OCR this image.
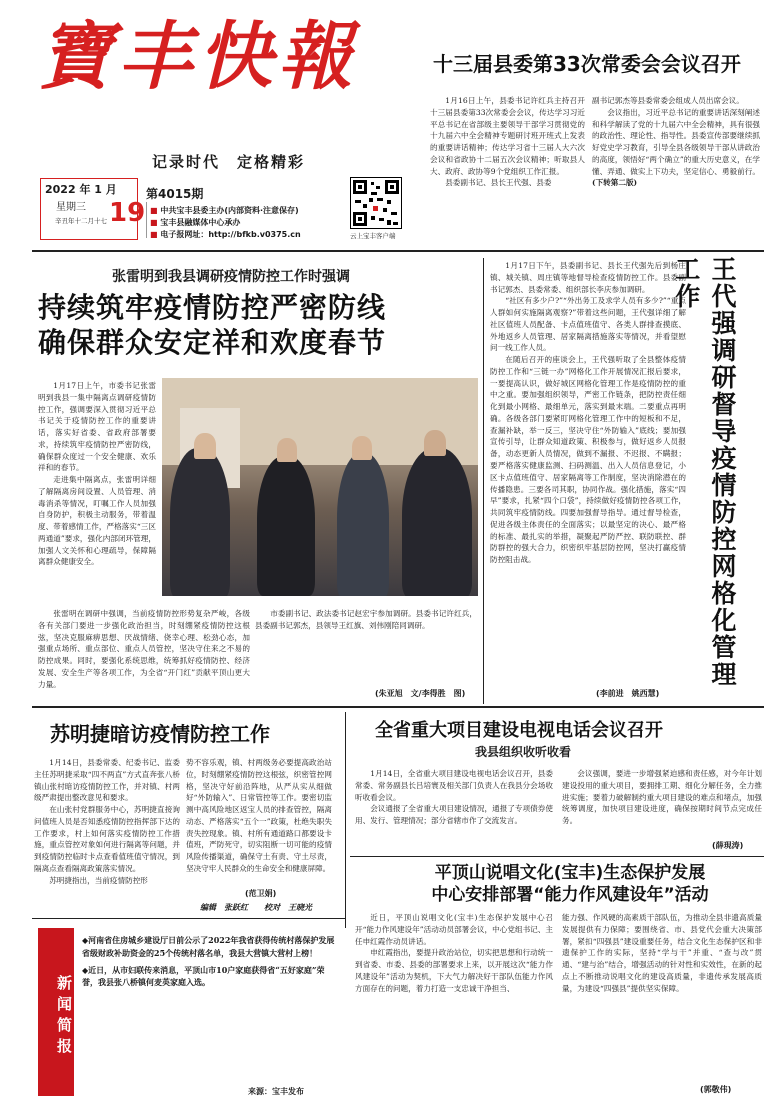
寶丰快報
记录时代　定格精彩
2022 年 1 月
星期三
辛丑年十二月十七 19
第4015期
■ 中共宝丰县委主办(内部资料·注意保存)
■ 宝丰县融媒体中心承办
■ 电子报网址：http://bfkb.v0375.cn	云上宝丰客户端
十三届县委第33次常委会会议召开

1月16日上午，县委书记许红兵主持召开十三届县委第33次常委会会议，传达学习习近平总书记在省部级主要领导干部学习贯彻党的十九届六中全会精神专题研讨班开班式上发表的重要讲话精神；传达学习省十三届人大六次会议和省政协十二届五次会议精神；听取县人大、政府、政协等9个党组织工作汇报。

县委副书记、县长王代强、县委

副书记郭杰等县委常委会组成人员出席会议。

会议指出，习近平总书记的重要讲话深刻阐述和科学解读了党的十九届六中全会精神，具有很强的政治性、理论性、指导性。县委宣传部要继续抓好党史学习教育，引导全县各级领导干部从讲政治的高度，领悟好“两个确立”的重大历史意义，在学懂、弄通、做实上下功夫，坚定信心、勇毅前行。(下转第二版)

张雷明到我县调研疫情防控工作时强调
持续筑牢疫情防控严密防线
确保群众安定祥和欢度春节

1月17日上午，市委书记张雷明到我县一集中隔离点调研疫情防控工作，强调要深入贯彻习近平总书记关于疫情防控工作的重要讲话，落实好省委、省政府部署要求，持续筑牢疫情防控严密防线，确保群众度过一个安全健康、欢乐祥和的春节。

走进集中隔离点，张雷明详细了解隔离房间设置、人员管理、消毒消杀等情况，叮嘱工作人员加强自身防护，积极主动服务，带着温度、带着感情工作，严格落实“三区两通道”要求，强化内部闭环管理，加强人文关怀和心理疏导，保障隔离群众健康安全。

张雷明在调研中强调，当前疫情防控形势复杂严峻，各级各有关部门要进一步强化政治担当，时刻绷紧疫情防控这根弦，坚决克服麻痹思想、厌战情绪、侥幸心理、松劲心态，加强重点场所、重点部位、重点人员管控，坚决守住来之不易的防控成果。同时，要强化系统思维，统筹抓好疫情防控、经济发展、安全生产等各项工作，为全省“开门红”贡献平顶山更大力量。

市委副书记、政法委书记赵宏宇参加调研。县委书记许红兵，县委副书记郭杰，县领导王红旗、刘伟刚陪同调研。

(朱亚旭　文/李得胜　图)

1月17日下午，县委副书记、县长王代强先后到杨庄镇、城关镇、周庄镇等地督导检查疫情防控工作。县委副书记郭杰、县委常委、组织部长李庆参加调研。

“社区有多少户?”“外出务工及求学人员有多少?”“重点人群如何实施隔离观察?”带着这些问题，王代强详细了解社区值班人员配备、卡点值班值守、各类人群排查摸底、外地返乡人员管理、居家隔离措施落实等情况，并看望慰问一线工作人员。

在随后召开的座谈会上，王代强听取了全县整体疫情防控工作和“三链一办”网格化工作开展情况汇报后要求，一要提高认识，做好城区网格化管理工作是疫情防控的重中之重。要加强组织领导，严密工作链条，把防控责任细化到最小网格、最细单元，落实到最末端。二要重点再明确。各级各部门要紧盯网格化管理工作中的短板和不足，查漏补缺，举一反三，坚决守住“外防输入”底线；要加强宣传引导，让群众知道政策、积极参与，做好返乡人员报备，动态更新人员情况，做到不漏报、不迟报、不瞒报；要严格落实健康监测、扫码测温、出入人员信息登记，小区卡点值班值守、居家隔离等工作制度，坚决消除潜在的传播隐患。三要各司其职，协同作战。强化措施，落实“四早”要求，扎紧“四个口袋”，持续做好疫情防控各项工作，共同筑牢疫情防线。四要加强督导指导。通过督导检查，促进各级主体责任的全面落实；以最坚定的决心、最严格的标准、最扎实的举措，凝聚起严防严控、联防联控、群防群控的强大合力，织密织牢基层防控网，坚决打赢疫情防控阻击战。

(李前进　姚西慧)
王代强调研督导疫情防控网格化管理工作
苏明捷暗访疫情防控工作

1月14日，县委常委、纪委书记、监委主任苏明捷采取“四不两直”方式直奔张八桥镇山张村暗访疫情防控工作，并对镇、村两级严肃提出整改意见和要求。

在山张村党群服务中心，苏明捷直接询问值班人员是否知悉疫情防控指挥部下达的工作要求，村上如何落实疫情防控工作措施，重点管控对象如何进行隔离等问题，并到疫情防控临时卡点查看值班值守情况，到隔离点查看隔离政策落实情况。

苏明捷指出，当前疫情防控形

势不容乐观，镇、村两级务必要提高政治站位，时刻绷紧疫情防控这根弦，织密管控网格，坚决守好前沿阵地，从严从实从细做好“外防输入”、日常管控等工作。要密切监测中高风险地区返宝人员的排查管控，隔离动态、严格落实“五个一”政策，杜绝失职失责失控现象。镇、村所有通道路口都要设卡值班，严防死守，切实阻断一切可能的疫情风险传播渠道，确保守土有责、守土尽责，坚决守牢人民群众的生命安全和健康屏障。

(范卫娟)
编辑　张跃红　　校对　王晓光
全省重大项目建设电视电话会议召开
我县组织收听收看

1月14日，全省重大项目建设电视电话会议召开，县委常委、常务副县长吕培寰及相关部门负责人在我县分会场收听收看会议。

会议通报了全省重大项目建设情况，通报了专项债券使用、发行、管理情况；部分省辖市作了交流发言。

会议强调，要进一步增强紧迫感和责任感，对今年计划建设投用的重大项目，要拥排工期、细化分解任务，全力推进实施；要着力破解制约重大项目建设的难点和堵点，加强统筹调度，加快项目建设进度，确保按期时间节点完成任务。

(薛現涛)
平顶山说唱文化(宝丰)生态保护发展
中心安排部署“能力作风建设年”活动

近日，平顶山说唱文化(宝丰)生态保护发展中心召开“能力作风建设年”活动动员部署会议，中心党组书记、主任申红霞作动员讲话。

申红霞指出，要提升政治站位，切实把思想和行动统一到省委、市委、县委的部署要求上来，以开展这次“能力作风建设年”活动为契机，下大气力解决好干部队伍能力作风方面存在的问题，着力打造一支忠诚干净担当、

能力强、作风硬的高素质干部队伍，为推动全县非遗高质量发展提供有力保障；要围绕省、市、县党代会重大决策部署，紧扣“四强县”建设重要任务，结合文化生态保护区和非遗保护工作的实际，坚持“学与干”并重、“查与改”贯通、“建与治”结合，增强活动的针对性和实效性，在新的起点上不断推动说唱文化的建设高质量，非遗传承发展高质量，为建设“四强县”提供坚实保障。

(郭敬伟)
新闻简报
◆河南省住房城乡建设厅日前公示了2022年我省获得传统村落保护发展省级财政补助资金的25个传统村落名单，我县大营镇大营村上榜！
◆近日，从市妇联传来消息，平顶山市10户家庭获得省“五好家庭”荣誉，我县张八桥镇何麦英家庭入选。
来源：宝丰发布
